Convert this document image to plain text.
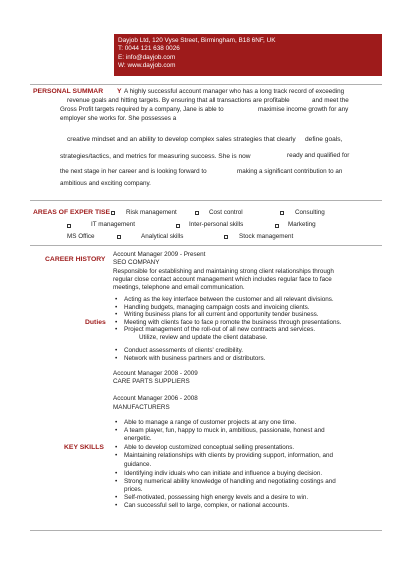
Dayjob Ltd, 120 Vyse Street, Birmingham, B18 6NF, UK
T: 0044 121 638 0026
E: info@dayjob.com
W: www.dayjob.com
PERSONAL SUMMAR Y A highly successful account manager who has a long track record of exceeding
revenue goals and hitting targets. By ensuring that all transactions are profitable	and meet the
Gross Profit targets required by a company, Jane is able to	maximise income growth for any
employer she works for. She possesses a
creative mindset and an ability to develop complex sales strategies that clearly define goals,
strategies/tactics, and metrics for measuring success. She is now	ready and qualified for
the next stage in her career and is looking forward to	making a significant contribution to an
ambitious and exciting company.
AREAS OF EXPER TISE	Risk management	Cost control	Consulting
IT management	Inter-personal skills	Marketing
MS Office	Analytical skills	Stock management
CAREER HISTORY
Account Manager 2009 - Present
SEO COMPANY
Responsible for establishing and maintaining strong client relationships through
regular close contact account management which includes regular face to face
meetings, telephone and email communication.
Duties
• Acting as the key interface between the customer and all relevant divisions.
• Handling budgets, managing campaign costs and invoicing clients.
• Writing business plans for all current and opportunity tender business.
• Meeting with clients face to face p romote the business through presentations.
• Project management of the roll-out of all new contracts and services.
Utilize, review and update the client database.
• Conduct assessments of clients' credibility.
• Network with business partners and or distributors.
Account Manager 2008 - 2009
CARE PARTS SUPPLIERS
Account Manager 2006 - 2008
MANUFACTURERS
KEY SKILLS
• Able to manage a range of customer projects at any one time.
• A team player, fun, happy to muck in, ambitious, passionate, honest and
energetic.
• Able to develop customized conceptual selling presentations.
• Maintaining relationships with clients by providing support, information, and
guidance.
• Identifying indiv iduals who can initiate and influence a buying decision.
• Strong numerical ability knowledge of handling and negotiating costings and
prices.
• Self-motivated, possessing high energy levels and a desire to win.
• Can successful sell to large, complex, or national accounts.
